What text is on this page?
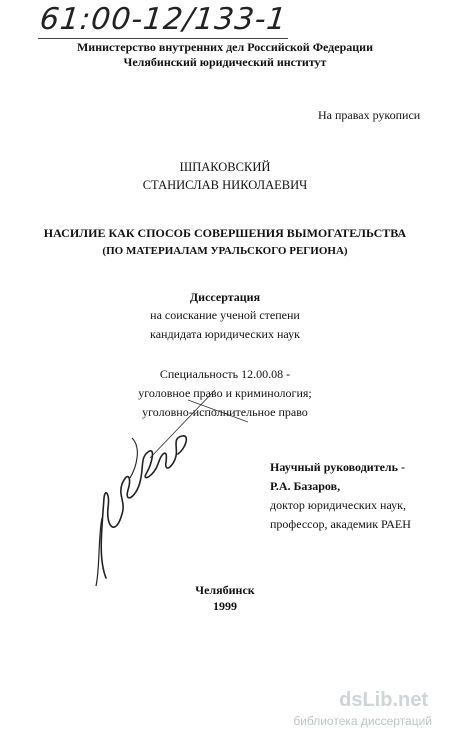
61:00-12/133-1
Министерство внутренних дел Российской Федерации
Челябинский юридический институт
На правах рукописи
ШПАКОВСКИЙ
СТАНИСЛАВ НИКОЛАЕВИЧ
НАСИЛИЕ КАК СПОСОБ СОВЕРШЕНИЯ ВЫМОГАТЕЛЬСТВА
(ПО МАТЕРИАЛАМ УРАЛЬСКОГО РЕГИОНА)
Диссертация
на соискание ученой степени
кандидата юридических наук
Специальность 12.00.08 -
уголовное право и криминология;
уголовно-исполнительное право
Научный руководитель -
Р.А. Базаров,
доктор юридических наук,
профессор, академик РАЕН
Челябинск
1999
dsLib.net
библиотека диссертаций
